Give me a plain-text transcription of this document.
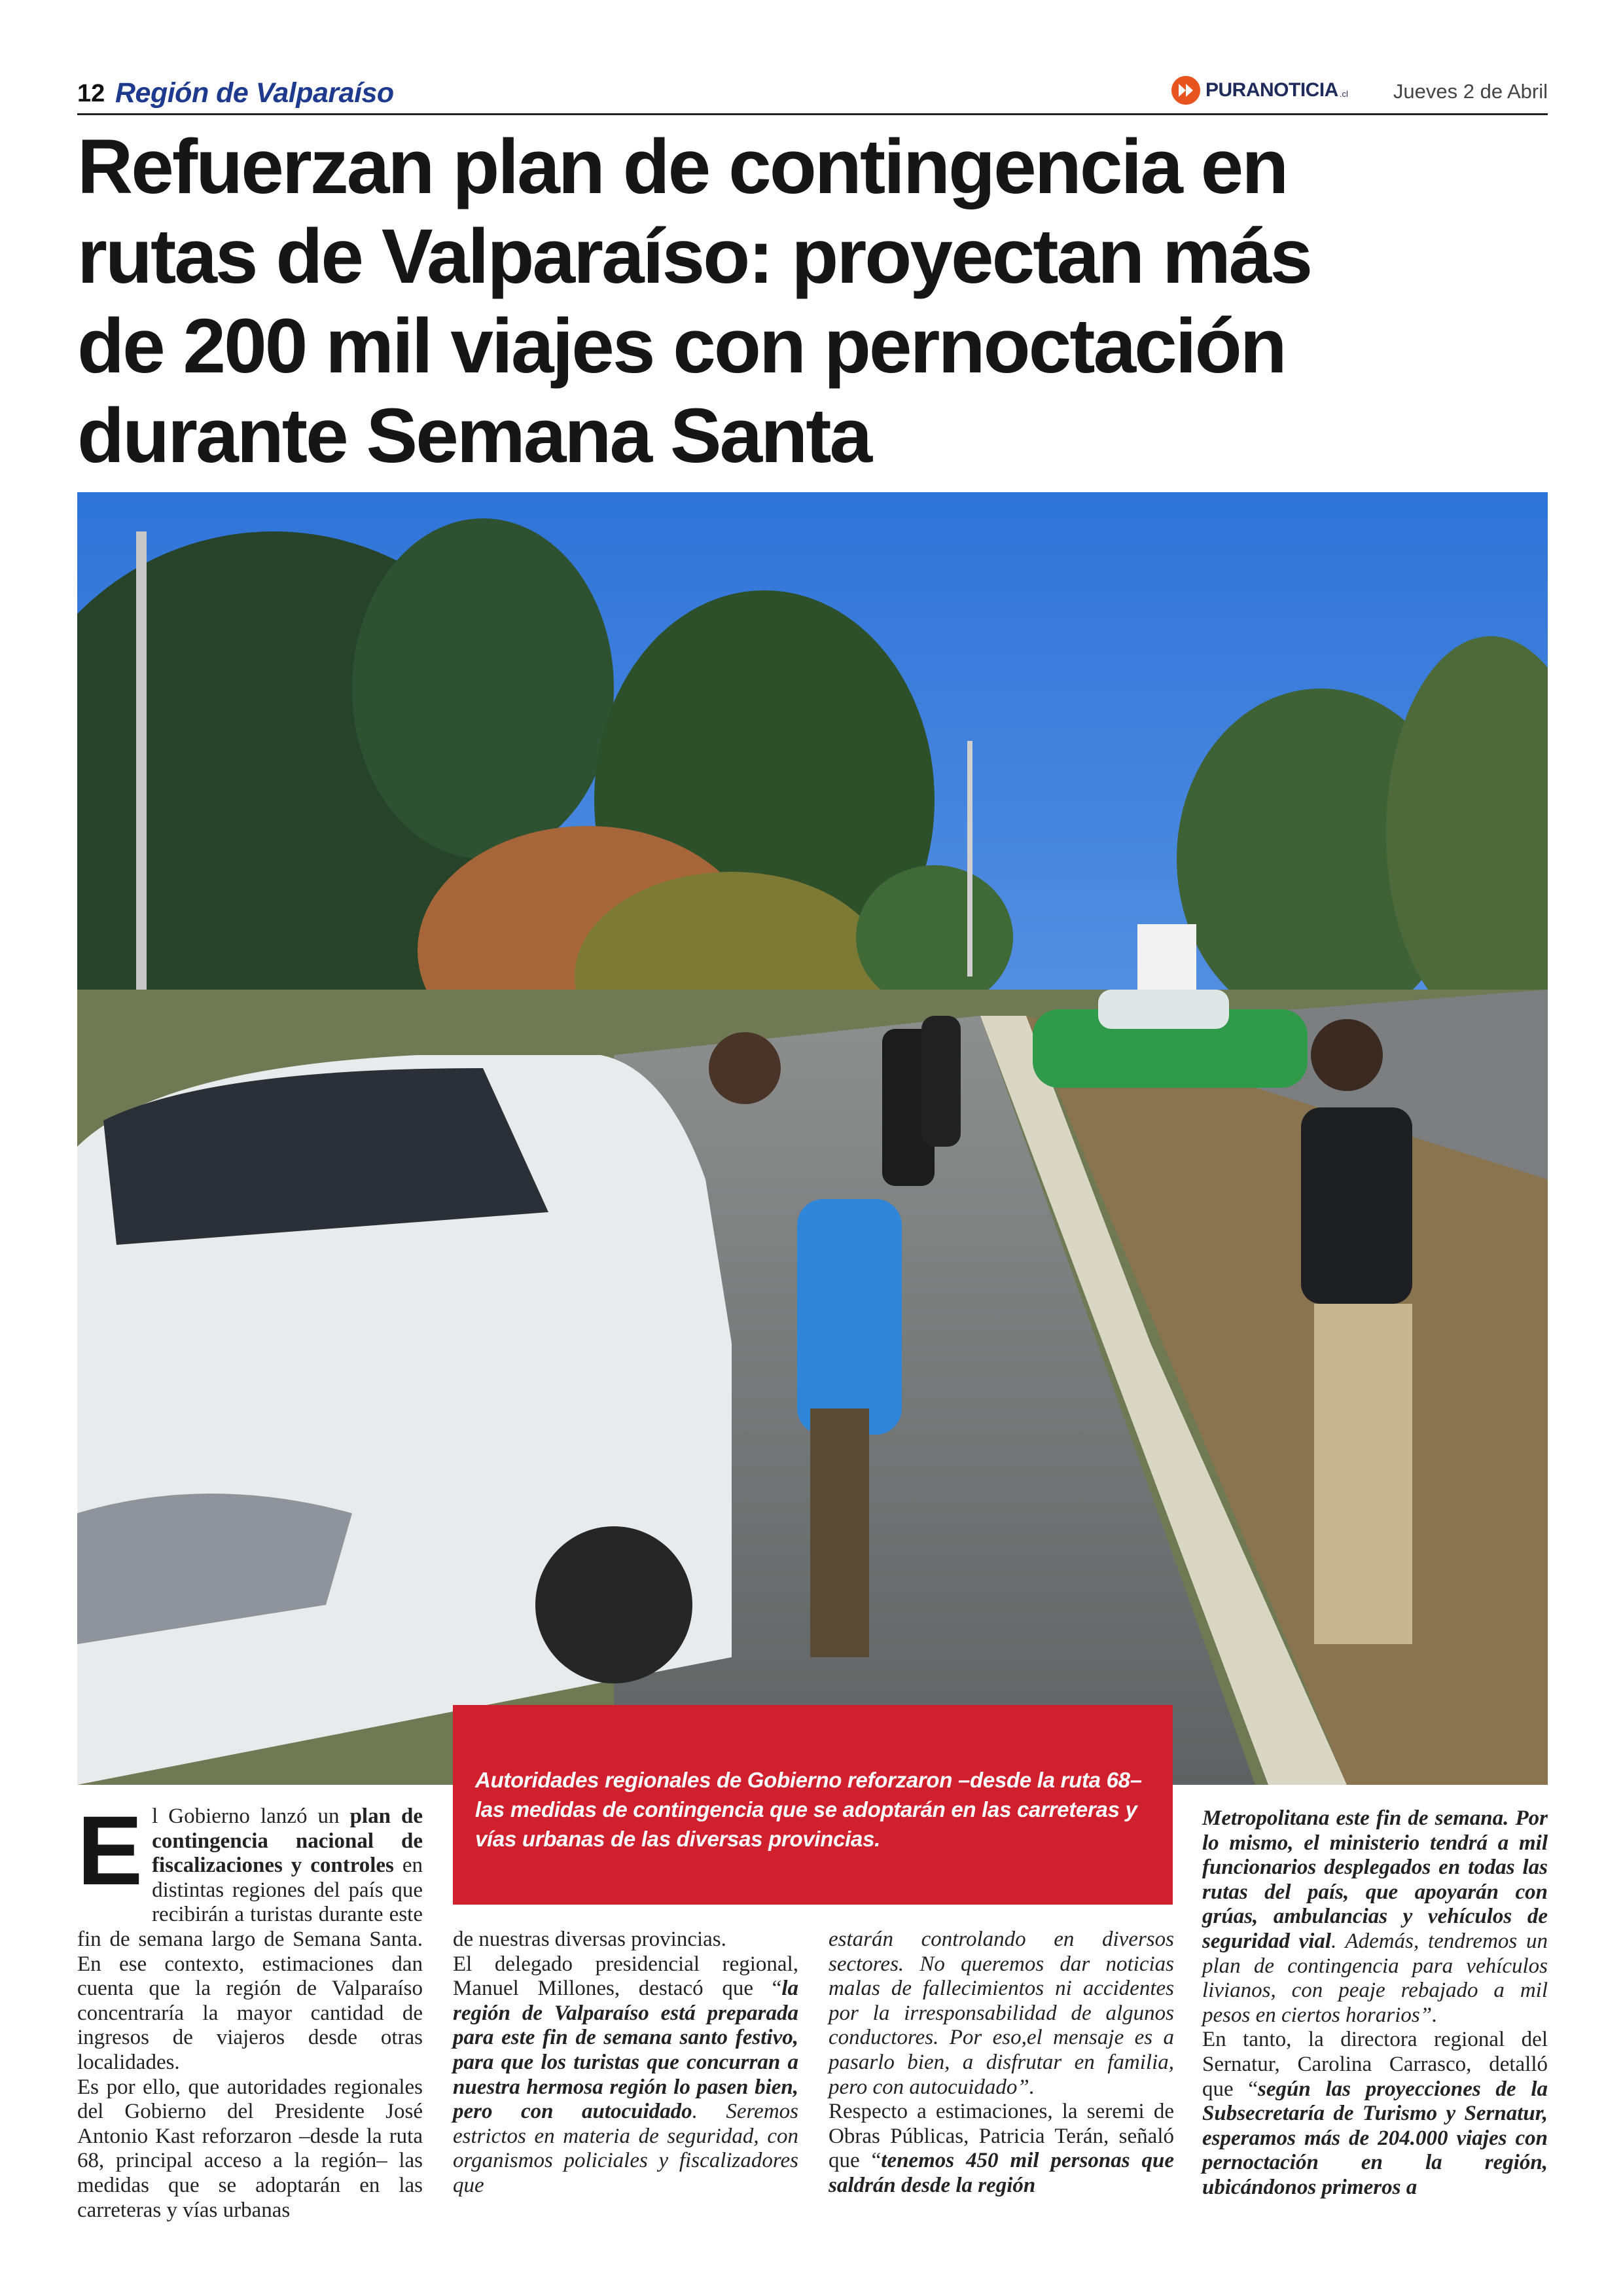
12 Región de Valparaíso	PURANOTICIA .cl Jueves 2 de Abril
Refuerzan plan de contingencia en
rutas de Valparaíso: proyectan más
de 200 mil viajes con pernoctación
durante Semana Santa
Autoridades regionales de Gobierno reforzaron –desde la ruta 68– las medidas de contingencia que se adoptarán en las carreteras y vías urbanas de las diversas provincias.

El Gobierno lanzó un plan de contingencia nacional de fiscalizaciones y controles en distintas regiones del país que recibirán a turistas durante este fin de semana largo de Semana Santa. En ese contexto, estimaciones dan cuenta que la región de Valparaíso concentraría la mayor cantidad de ingresos de viajeros desde otras localidades.

Es por ello, que autoridades regionales del Gobierno del Presidente José Antonio Kast reforzaron –desde la ruta 68, principal acceso a la región– las medidas que se adoptarán en las carreteras y vías urbanas

de nuestras diversas provincias.

El delegado presidencial regional, Manuel Millones, destacó que “la región de Valparaíso está preparada para este fin de semana santo festivo, para que los turistas que concurran a nuestra hermosa región lo pasen bien, pero con autocuidado. Seremos estrictos en materia de seguridad, con organismos policiales y fiscalizadores que

estarán controlando en diversos sectores. No queremos dar noticias malas de fallecimientos ni accidentes por la irresponsabilidad de algunos conductores. Por eso,el mensaje es a pasarlo bien, a disfrutar en familia, pero con autocuidado”.

Respecto a estimaciones, la seremi de Obras Públicas, Patricia Terán, señaló que “tenemos 450 mil personas que saldrán desde la región

Metropolitana este fin de semana. Por lo mismo, el ministerio tendrá a mil funcionarios desplegados en todas las rutas del país, que apoyarán con grúas, ambulancias y vehículos de seguridad vial. Además, tendremos un plan de contingencia para vehículos livianos, con peaje rebajado a mil pesos en ciertos horarios”.

En tanto, la directora regional del Sernatur, Carolina Carrasco, detalló que “según las proyecciones de la Subsecretaría de Turismo y Sernatur, esperamos más de 204.000 viajes con pernoctación en la región, ubicándonos primeros a
